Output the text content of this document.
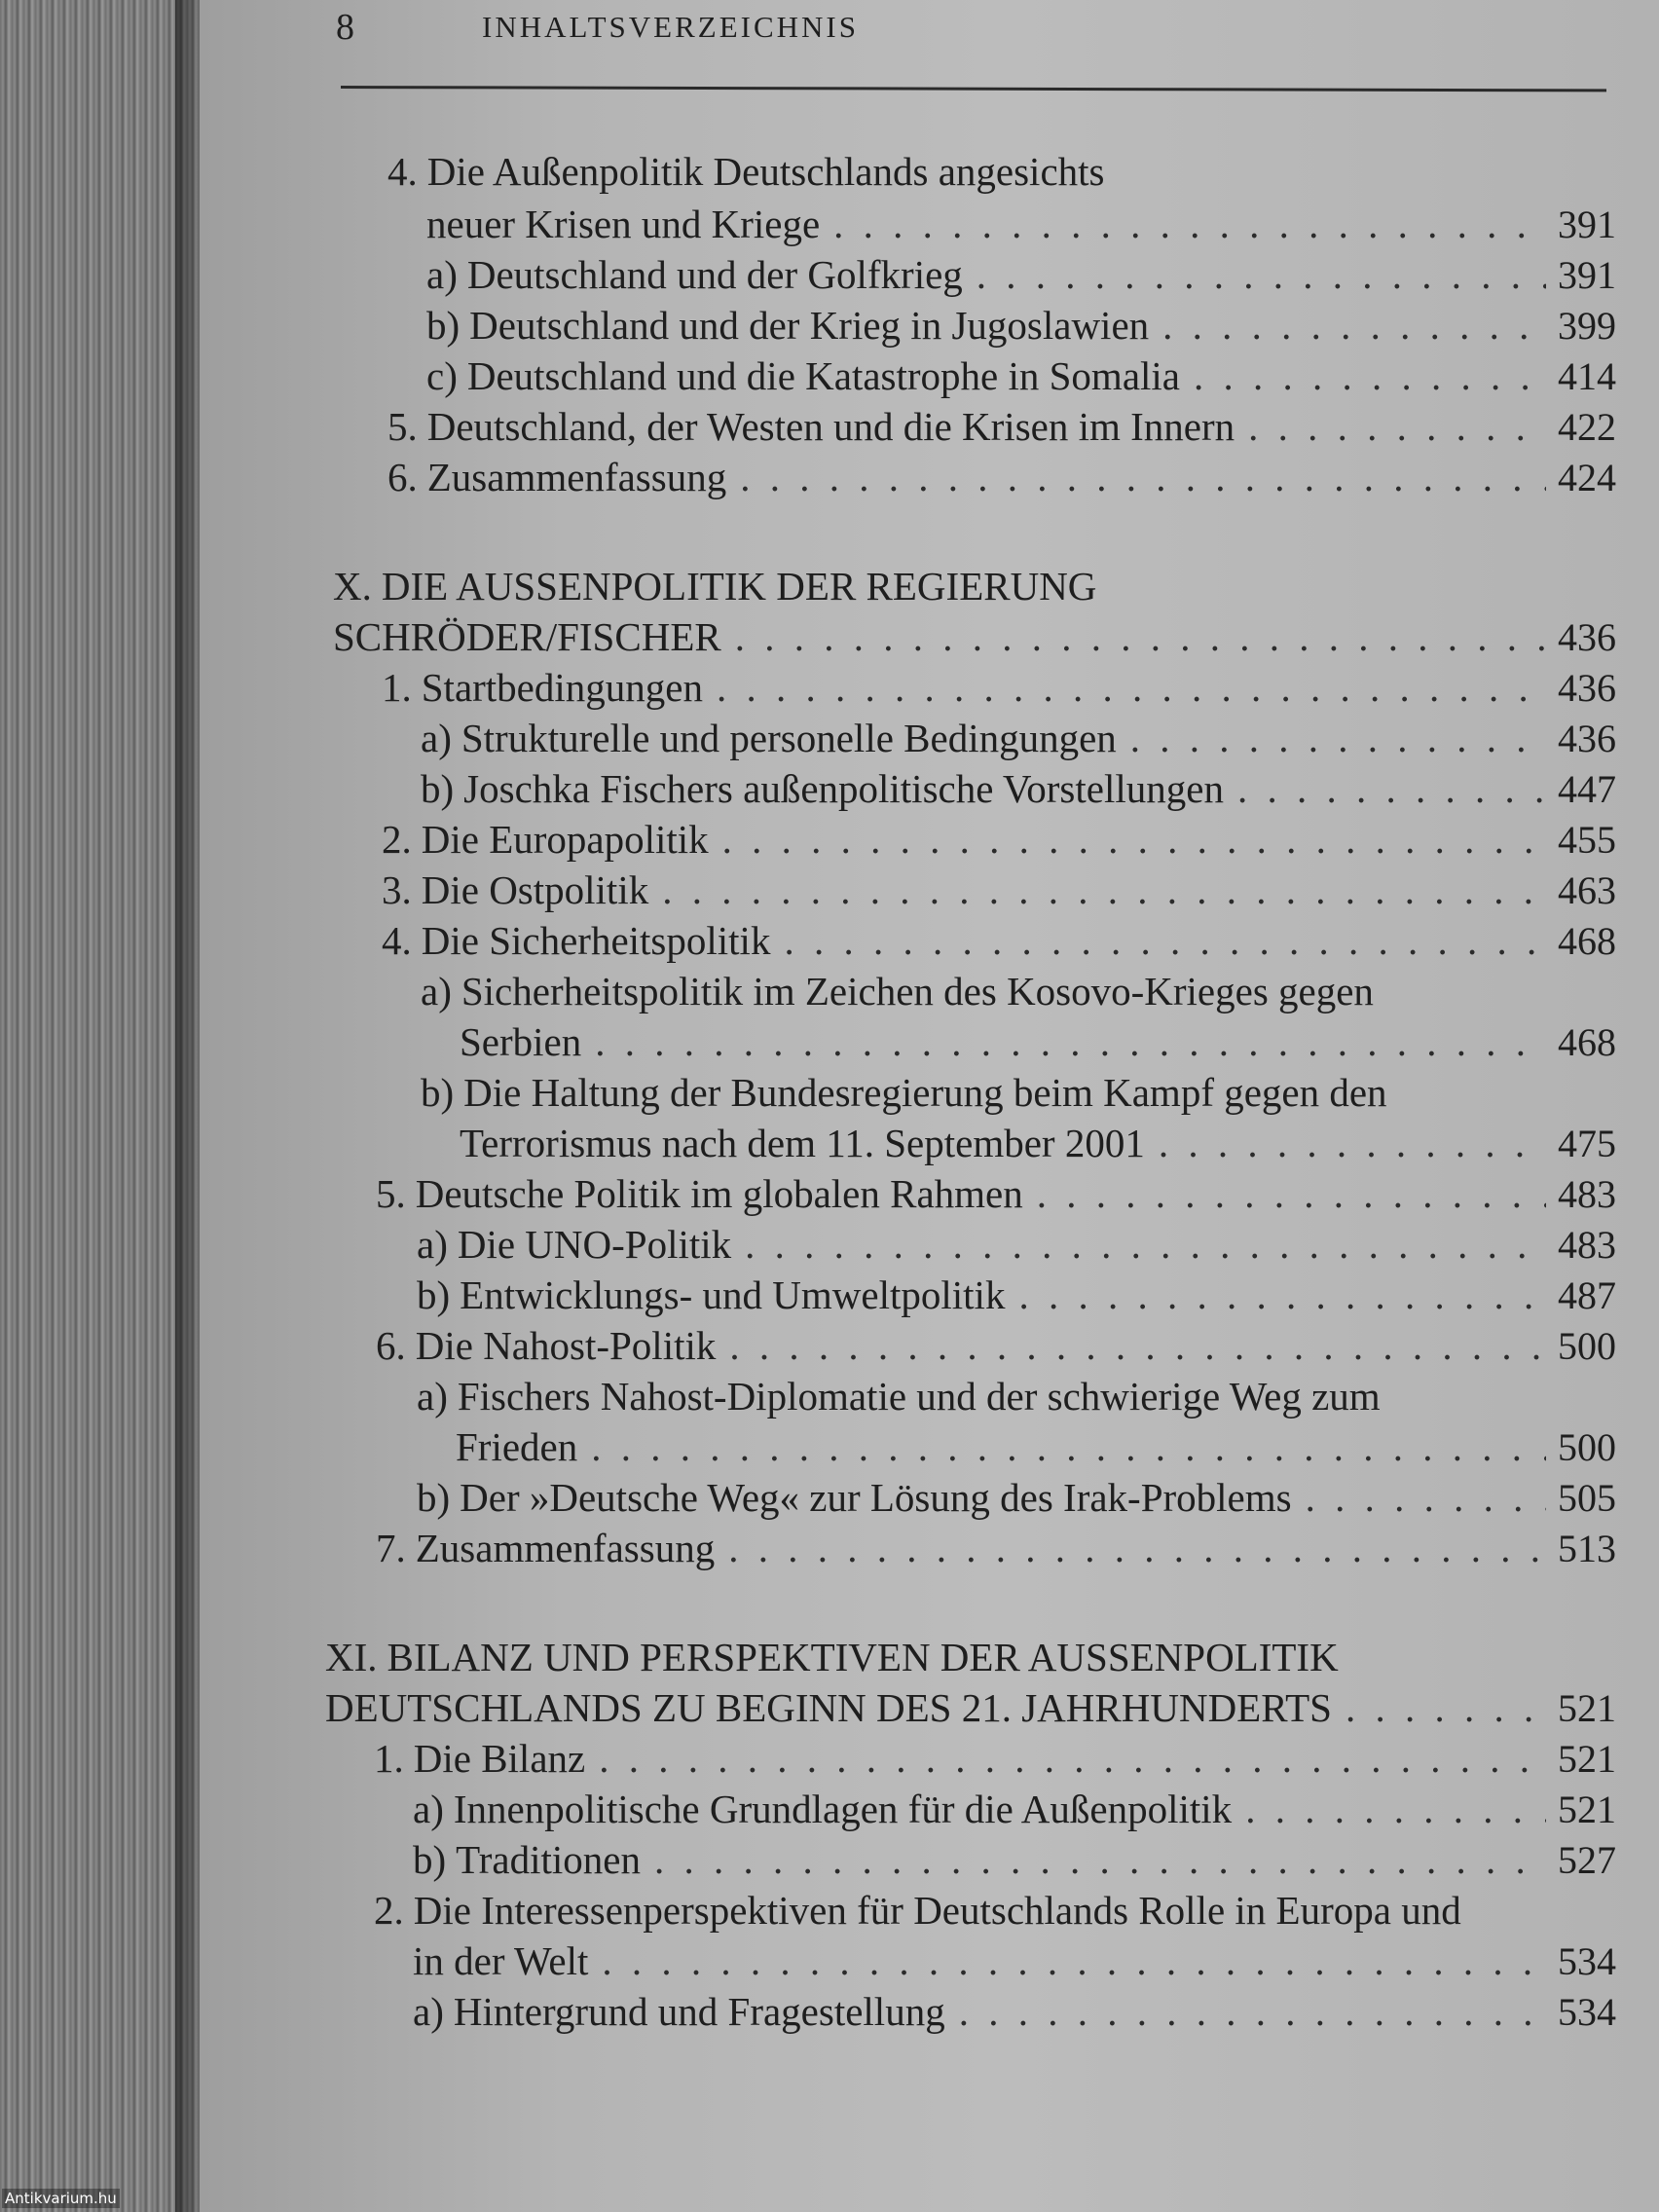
8	INHALTSVERZEICHNIS
4. Die Außenpolitik Deutschlands angesichts
neuer Krisen und Kriege . . .	391
a) Deutschland und der Golfkrieg . . .	391
b) Deutschland und der Krieg in Jugoslawien . . .	399
c) Deutschland und die Katastrophe in Somalia . . .	414
5. Deutschland, der Westen und die Krisen im Innern . . .	422
6. Zusammenfassung . . .	424
X. DIE AUSSENPOLITIK DER REGIERUNG
SCHRÖDER/FISCHER . . .	436
1. Startbedingungen . . .	436
a) Strukturelle und personelle Bedingungen . . .	436
b) Joschka Fischers außenpolitische Vorstellungen . . .	447
2. Die Europapolitik . . .	455
3. Die Ostpolitik . . .	463
4. Die Sicherheitspolitik . . .	468
a) Sicherheitspolitik im Zeichen des Kosovo-Krieges gegen
Serbien . . .	468
b) Die Haltung der Bundesregierung beim Kampf gegen den
Terrorismus nach dem 11. September 2001 . . .	475
5. Deutsche Politik im globalen Rahmen . . .	483
a) Die UNO-Politik . . .	483
b) Entwicklungs- und Umweltpolitik . . .	487
6. Die Nahost-Politik . . .	500
a) Fischers Nahost-Diplomatie und der schwierige Weg zum
Frieden . . .	500
b) Der »Deutsche Weg« zur Lösung des Irak-Problems . . .	505
7. Zusammenfassung . . .	513
XI. BILANZ UND PERSPEKTIVEN DER AUSSENPOLITIK
DEUTSCHLANDS ZU BEGINN DES 21. JAHRHUNDERTS . . .	521
1. Die Bilanz . . .	521
a) Innenpolitische Grundlagen für die Außenpolitik . . .	521
b) Traditionen . . .	527
2. Die Interessenperspektiven für Deutschlands Rolle in Europa und
in der Welt . . .	534
a) Hintergrund und Fragestellung . . .	534
Antikvarium.hu
